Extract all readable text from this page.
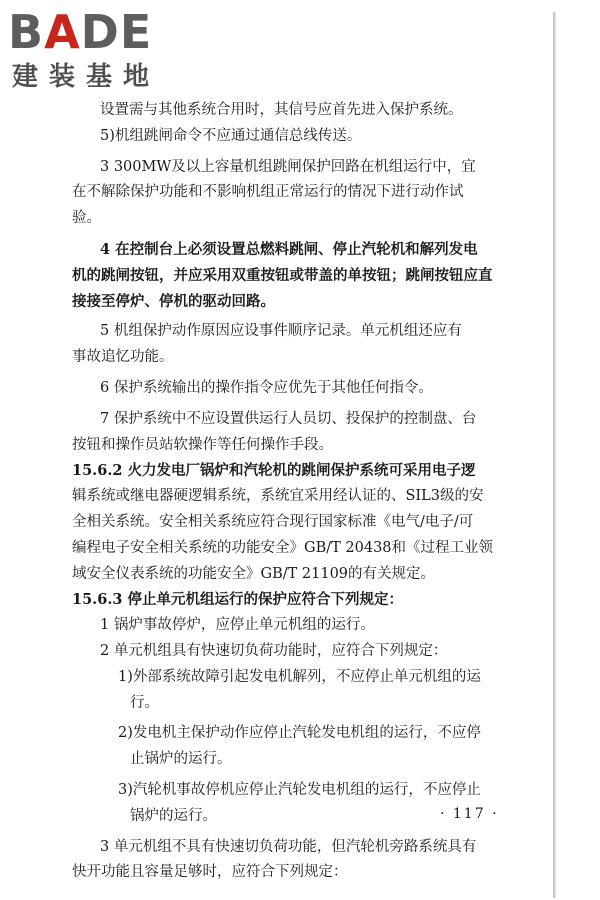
BADE
建装基地
设置需与其他系统合用时，其信号应首先进入保护系统。
5)机组跳闸命令不应通过通信总线传送。
3 300MW及以上容量机组跳闸保护回路在机组运行中，宜
在不解除保护功能和不影响机组正常运行的情况下进行动作试
验。
4 在控制台上必须设置总燃料跳闸、停止汽轮机和解列发电
机的跳闸按钮，并应采用双重按钮或带盖的单按钮；跳闸按钮应直
接接至停炉、停机的驱动回路。
5 机组保护动作原因应设事件顺序记录。单元机组还应有
事故追忆功能。
6 保护系统输出的操作指令应优先于其他任何指令。
7 保护系统中不应设置供运行人员切、投保护的控制盘、台
按钮和操作员站软操作等任何操作手段。
15.6.2 火力发电厂锅炉和汽轮机的跳闸保护系统可采用电子逻
辑系统或继电器硬逻辑系统，系统宜采用经认证的、SIL3级的安
全相关系统。安全相关系统应符合现行国家标准《电气/电子/可
编程电子安全相关系统的功能安全》GB/T 20438和《过程工业领
域安全仪表系统的功能安全》GB/T 21109的有关规定。
15.6.3 停止单元机组运行的保护应符合下列规定：
1 锅炉事故停炉，应停止单元机组的运行。
2 单元机组具有快速切负荷功能时，应符合下列规定：
1)外部系统故障引起发电机解列，不应停止单元机组的运
行。
2)发电机主保护动作应停止汽轮发电机组的运行，不应停
止锅炉的运行。
3)汽轮机事故停机应停止汽轮发电机组的运行，不应停止
锅炉的运行。
3 单元机组不具有快速切负荷功能，但汽轮机旁路系统具有
快开功能且容量足够时，应符合下列规定：
· 117 ·
